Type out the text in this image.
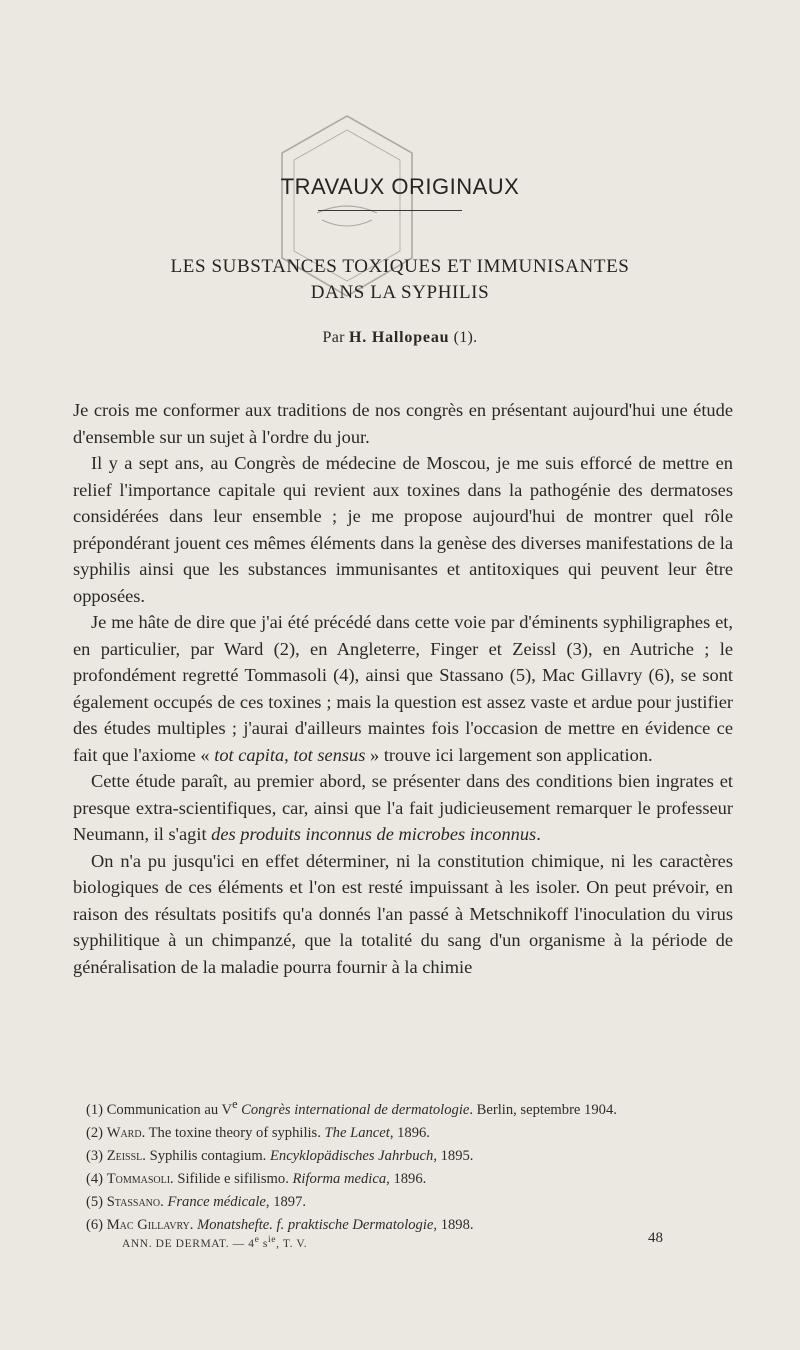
TRAVAUX ORIGINAUX
LES SUBSTANCES TOXIQUES ET IMMUNISANTES
DANS LA SYPHILIS
Par H. Hallopeau (1).

Je crois me conformer aux traditions de nos congrès en présentant aujourd'hui une étude d'ensemble sur un sujet à l'ordre du jour.

Il y a sept ans, au Congrès de médecine de Moscou, je me suis efforcé de mettre en relief l'importance capitale qui revient aux toxines dans la pathogénie des dermatoses considérées dans leur ensemble ; je me propose aujourd'hui de montrer quel rôle prépondérant jouent ces mêmes éléments dans la genèse des diverses manifestations de la syphilis ainsi que les substances immunisantes et antitoxiques qui peuvent leur être opposées.

Je me hâte de dire que j'ai été précédé dans cette voie par d'éminents syphiligraphes et, en particulier, par Ward (2), en Angleterre, Finger et Zeissl (3), en Autriche ; le profondément regretté Tommasoli (4), ainsi que Stassano (5), Mac Gillavry (6), se sont également occupés de ces toxines ; mais la question est assez vaste et ardue pour justifier des études multiples ; j'aurai d'ailleurs maintes fois l'occasion de mettre en évidence ce fait que l'axiome « tot capita, tot sensus » trouve ici largement son application.

Cette étude paraît, au premier abord, se présenter dans des conditions bien ingrates et presque extra-scientifiques, car, ainsi que l'a fait judicieusement remarquer le professeur Neumann, il s'agit des produits inconnus de microbes inconnus.

On n'a pu jusqu'ici en effet déterminer, ni la constitution chimique, ni les caractères biologiques de ces éléments et l'on est resté impuissant à les isoler. On peut prévoir, en raison des résultats positifs qu'a donnés l'an passé à Metschnikoff l'inoculation du virus syphilitique à un chimpanzé, que la totalité du sang d'un organisme à la période de généralisation de la maladie pourra fournir à la chimie

(1) Communication au Ve Congrès international de dermatologie. Berlin, septembre 1904.

(2) Ward. The toxine theory of syphilis. The Lancet, 1896.

(3) Zeissl. Syphilis contagium. Encyklopädisches Jahrbuch, 1895.

(4) Tommasoli. Sifilide e sifilismo. Riforma medica, 1896.

(5) Stassano. France médicale, 1897.

(6) Mac Gillavry. Monatshefte. f. praktische Dermatologie, 1898.

ANN. DE DERMAT. — 4e $s^{ie}$, T. V.	48
